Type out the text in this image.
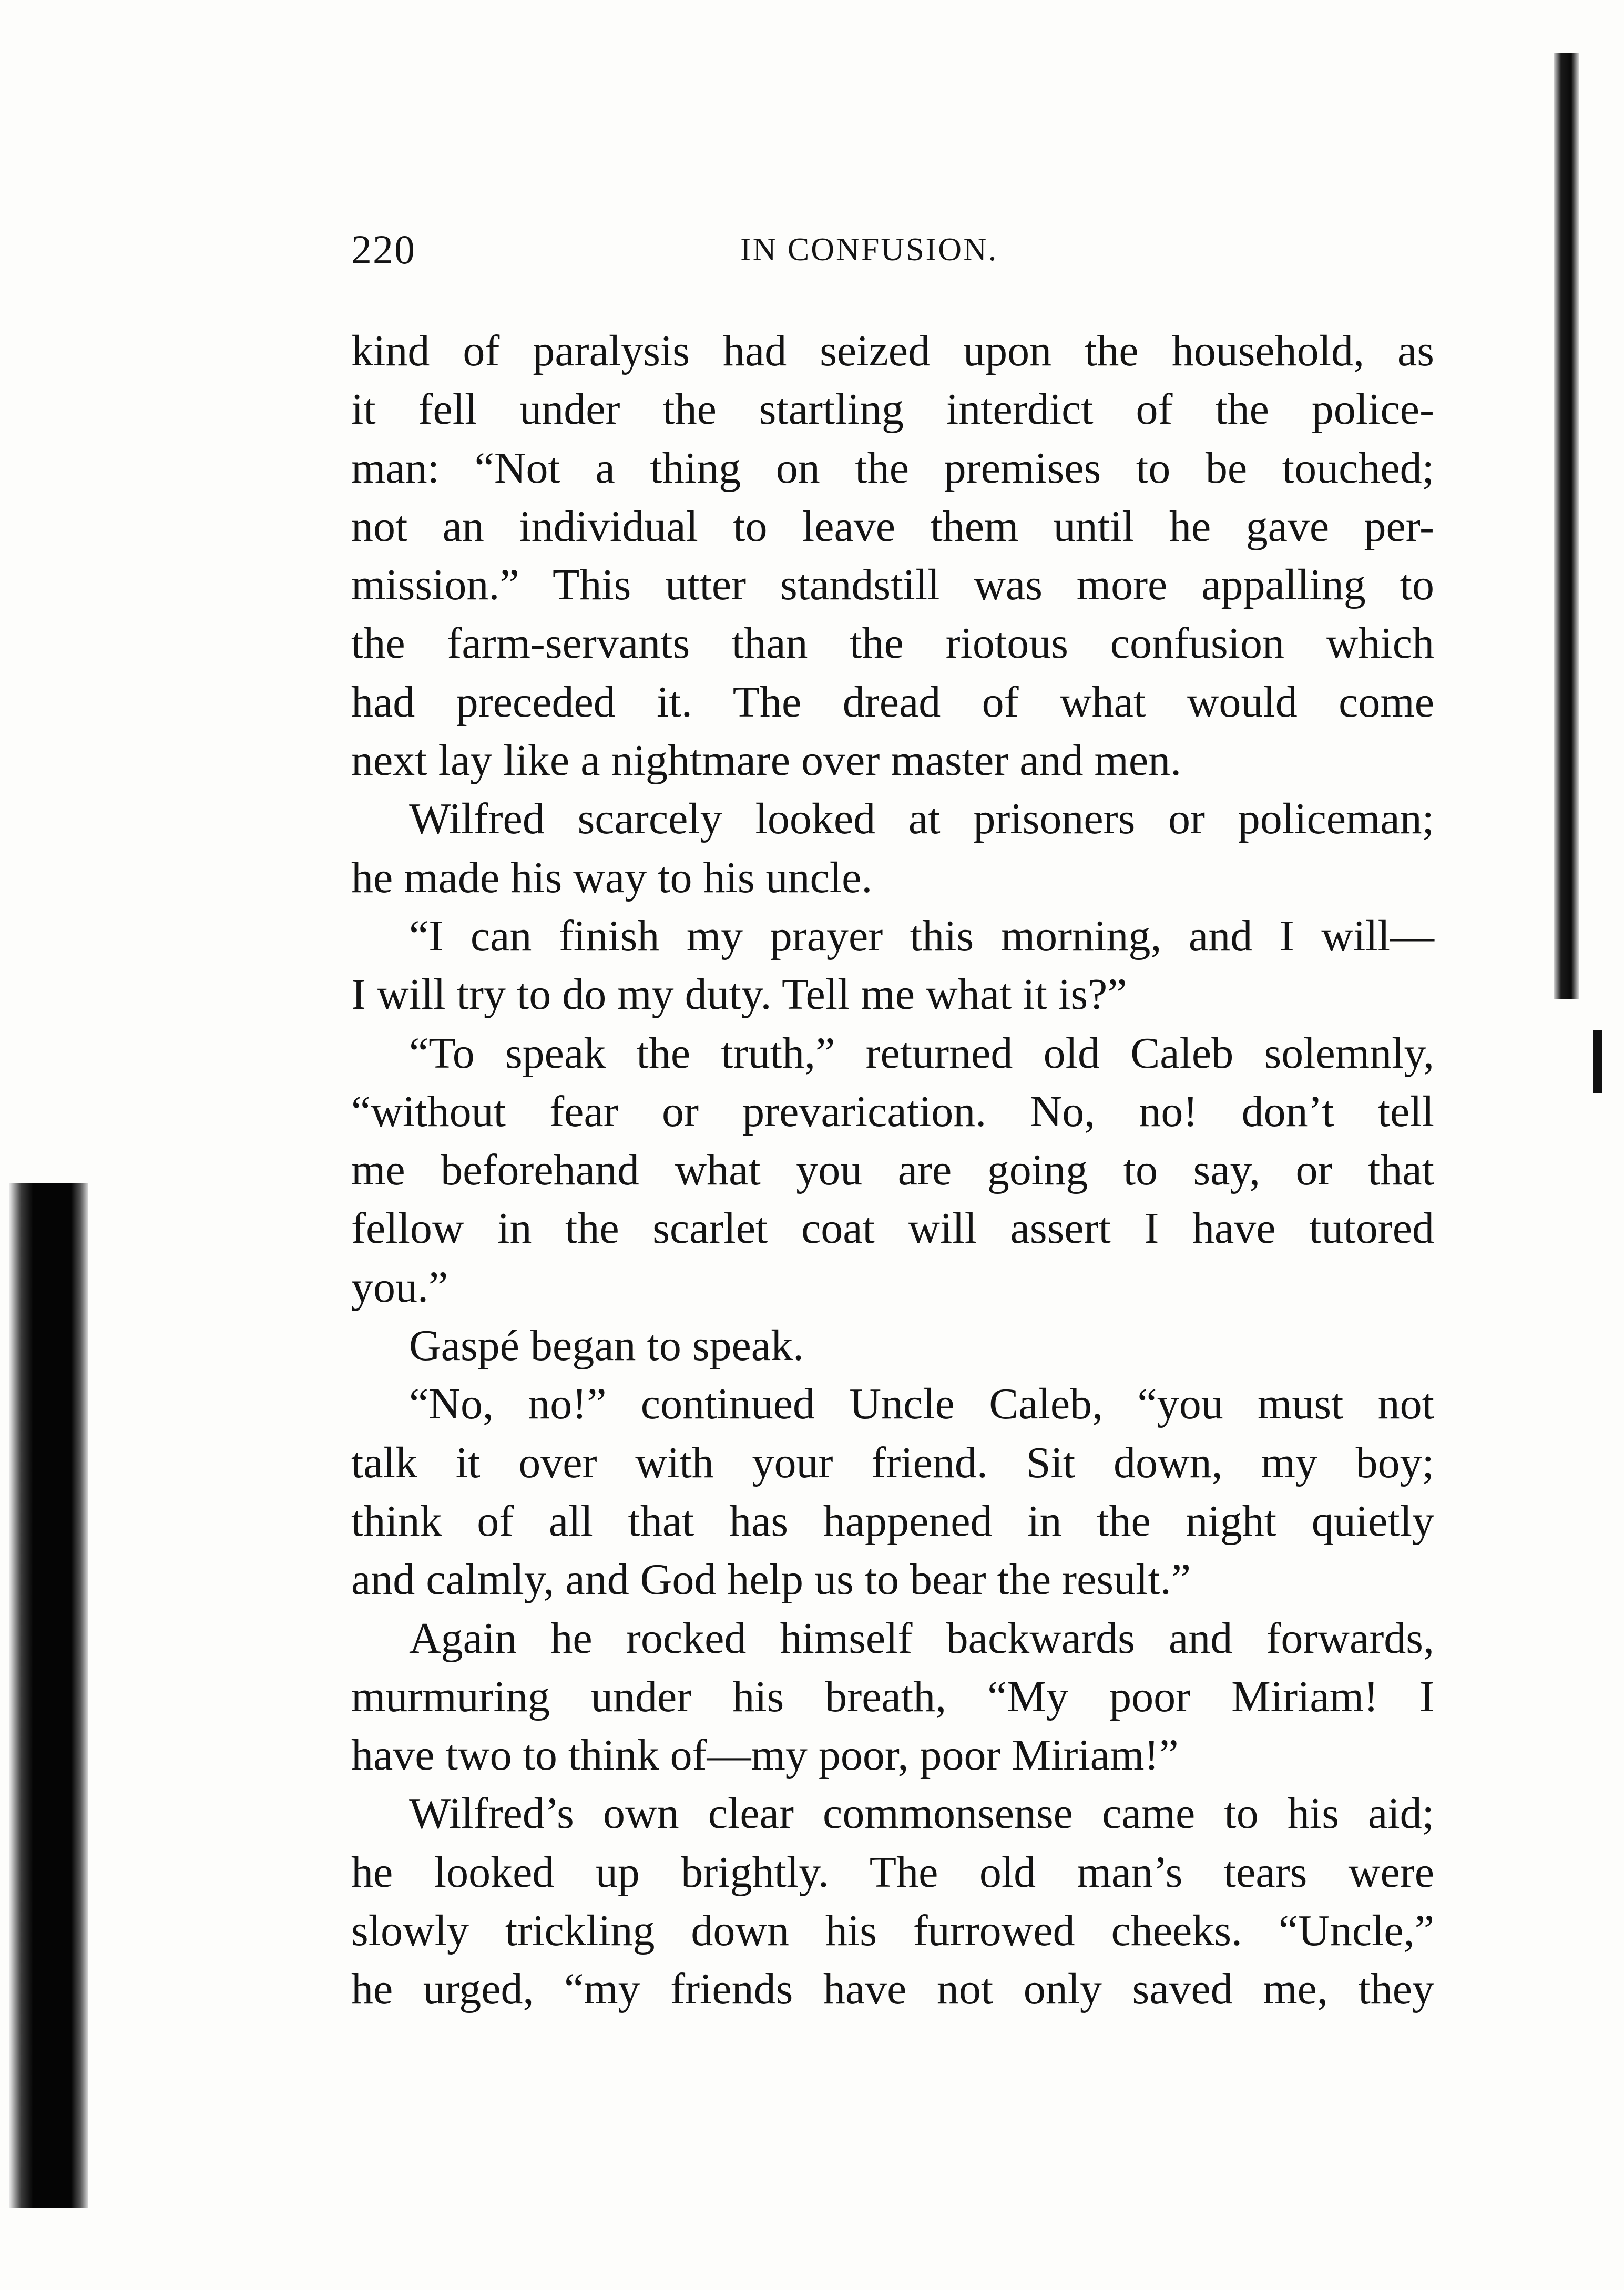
220	IN CONFUSION.
kind of paralysis had seized upon the household, as
it fell under the startling interdict of the police-
man: “Not a thing on the premises to be touched;
not an individual to leave them until he gave per-
mission.” This utter standstill was more appalling to
the farm-servants than the riotous confusion which
had preceded it. The dread of what would come
next lay like a nightmare over master and men.
Wilfred scarcely looked at prisoners or policeman;
he made his way to his uncle.
“I can finish my prayer this morning, and I will—
I will try to do my duty. Tell me what it is?”
“To speak the truth,” returned old Caleb solemnly,
“without fear or prevarication. No, no! don’t tell
me beforehand what you are going to say, or that
fellow in the scarlet coat will assert I have tutored
you.”
Gaspé began to speak.
“No, no!” continued Uncle Caleb, “you must not
talk it over with your friend. Sit down, my boy;
think of all that has happened in the night quietly
and calmly, and God help us to bear the result.”
Again he rocked himself backwards and forwards,
murmuring under his breath, “My poor Miriam! I
have two to think of—my poor, poor Miriam!”
Wilfred’s own clear commonsense came to his aid;
he looked up brightly. The old man’s tears were
slowly trickling down his furrowed cheeks. “Uncle,”
he urged, “my friends have not only saved me, they
